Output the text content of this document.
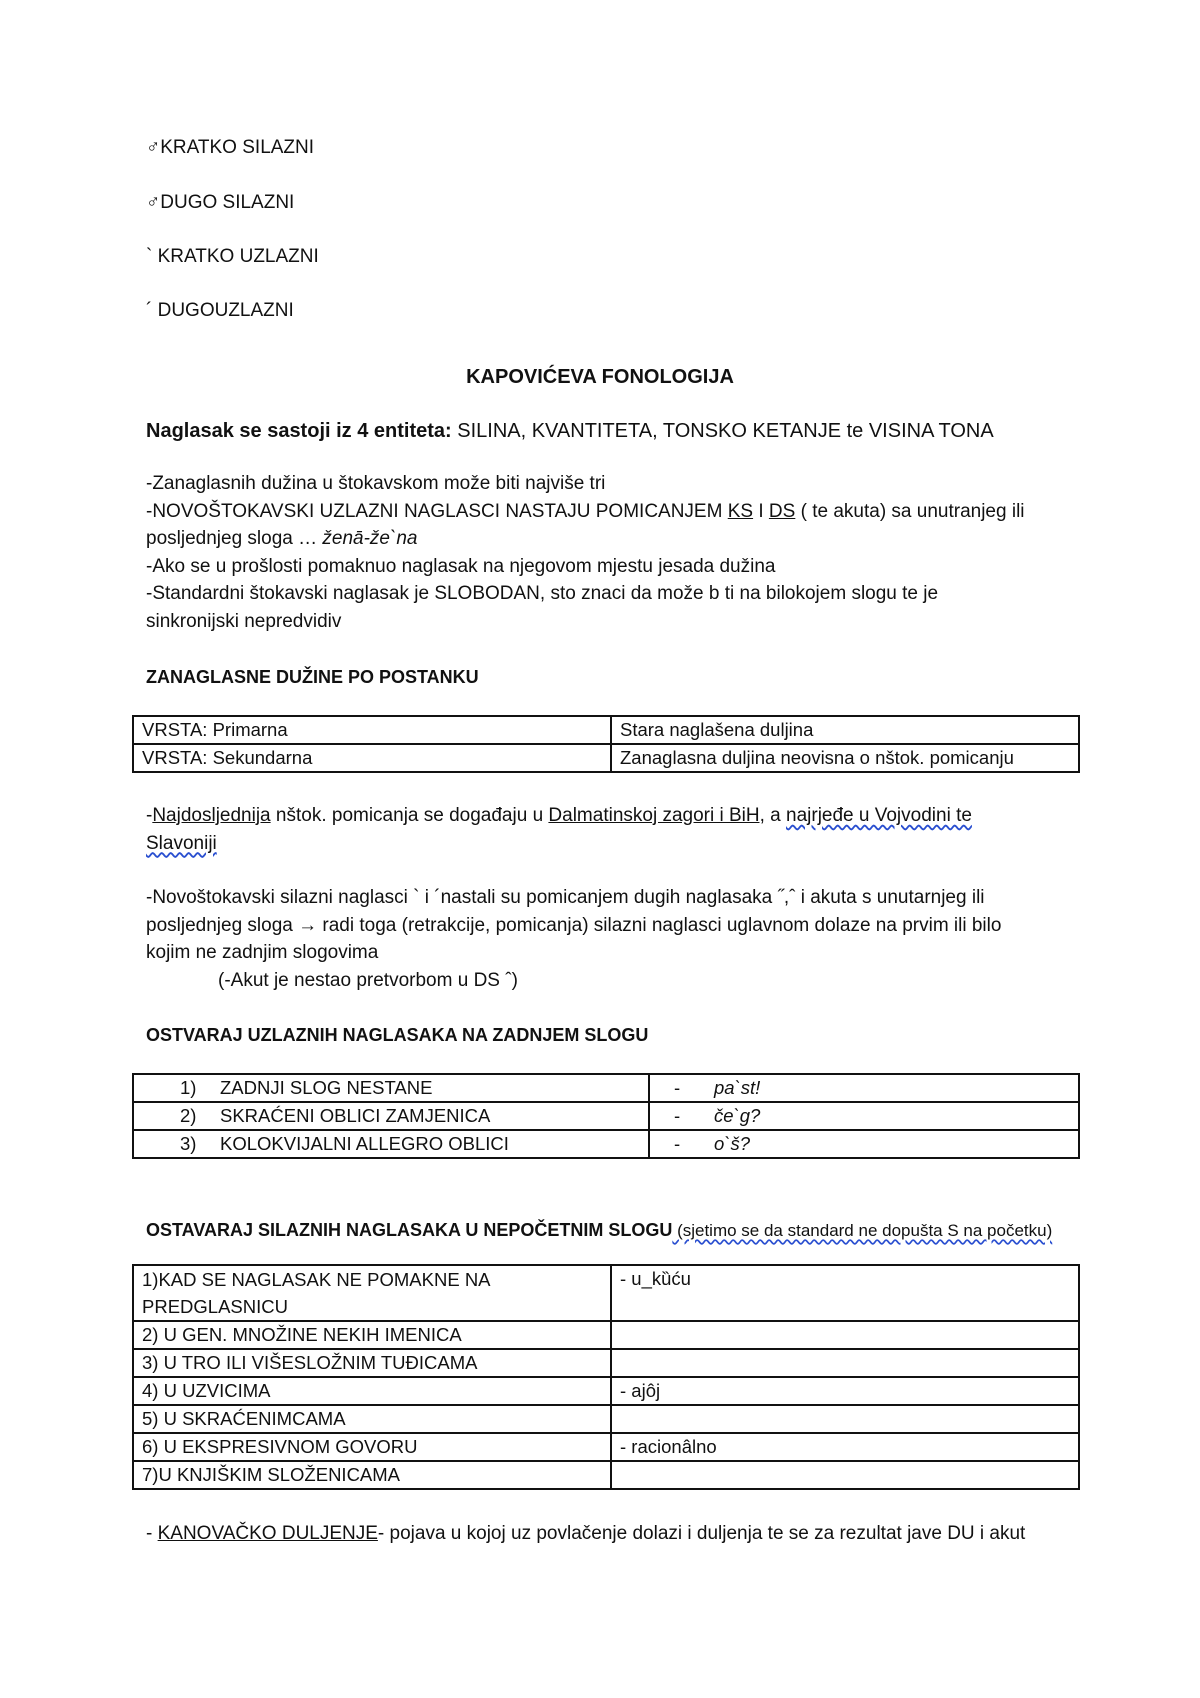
♂KRATKO SILAZNI
♂DUGO SILAZNI
` KRATKO UZLAZNI
´ DUGOUZLAZNI
KAPOVIĆEVA FONOLOGIJA
Naglasak se sastoji iz 4 entiteta: SILINA, KVANTITETA, TONSKO KETANJE te VISINA TONA

-Zanaglasnih dužina u štokavskom može biti najviše tri

-NOVOŠTOKAVSKI UZLAZNI NAGLASCI NASTAJU POMICANJEM KS I DS ( te akuta) sa unutranjeg ili

posljednjeg sloga … ženā-že`na

-Ako se u prošlosti pomaknuo naglasak na njegovom mjestu jesada dužina

-Standardni štokavski naglasak je SLOBODAN, sto znaci da može b ti na bilokojem slogu te je

sinkronijski nepredvidiv

ZANAGLASNE DUŽINE PO POSTANKU
VRSTA: Primarna	Stara naglašena duljina
VRSTA: Sekundarna	Zanaglasna duljina neovisna o nštok. pomicanju

-Najdosljednija nštok. pomicanja se događaju u Dalmatinskoj zagori i BiH, a najrjeđe u Vojvodini te

Slavoniji

-Novoštokavski silazni naglasci ` i ´nastali su pomicanjem dugih naglasaka ˝,ˆ i akuta s unutarnjeg ili

posljednjeg sloga → radi toga (retrakcije, pomicanja) silazni naglasci uglavnom dolaze na prvim ili bilo

kojim ne zadnjim slogovima

(-Akut je nestao pretvorbom u DS ˆ)

OSTVARAJ UZLAZNIH NAGLASAKA NA ZADNJEM SLOGU
1) ZADNJI SLOG NESTANE	- pa`st!
2) SKRAĆENI OBLICI ZAMJENICA	- če`g?
3) KOLOKVIJALNI ALLEGRO OBLICI	- o`š?
OSTAVARAJ SILAZNIH NAGLASAKA U NEPOČETNIM SLOGU (sjetimo se da standard ne dopušta S na početku)
1)KAD SE NAGLASAK NE POMAKNE NA PREDGLASNICU	- u_kȕću
2) U GEN. MNOŽINE NEKIH IMENICA	
3) U TRO ILI VIŠESLOŽNIM TUĐICAMA	
4) U UZVICIMA	- ajôj
5) U SKRAĆENIMCAMA	
6) U EKSPRESIVNOM GOVORU	- racionâlno
7)U KNJIŠKIM SLOŽENICAMA	
- KANOVAČKO DULJENJE- pojava u kojoj uz povlačenje dolazi i duljenja te se za rezultat jave DU i akut
